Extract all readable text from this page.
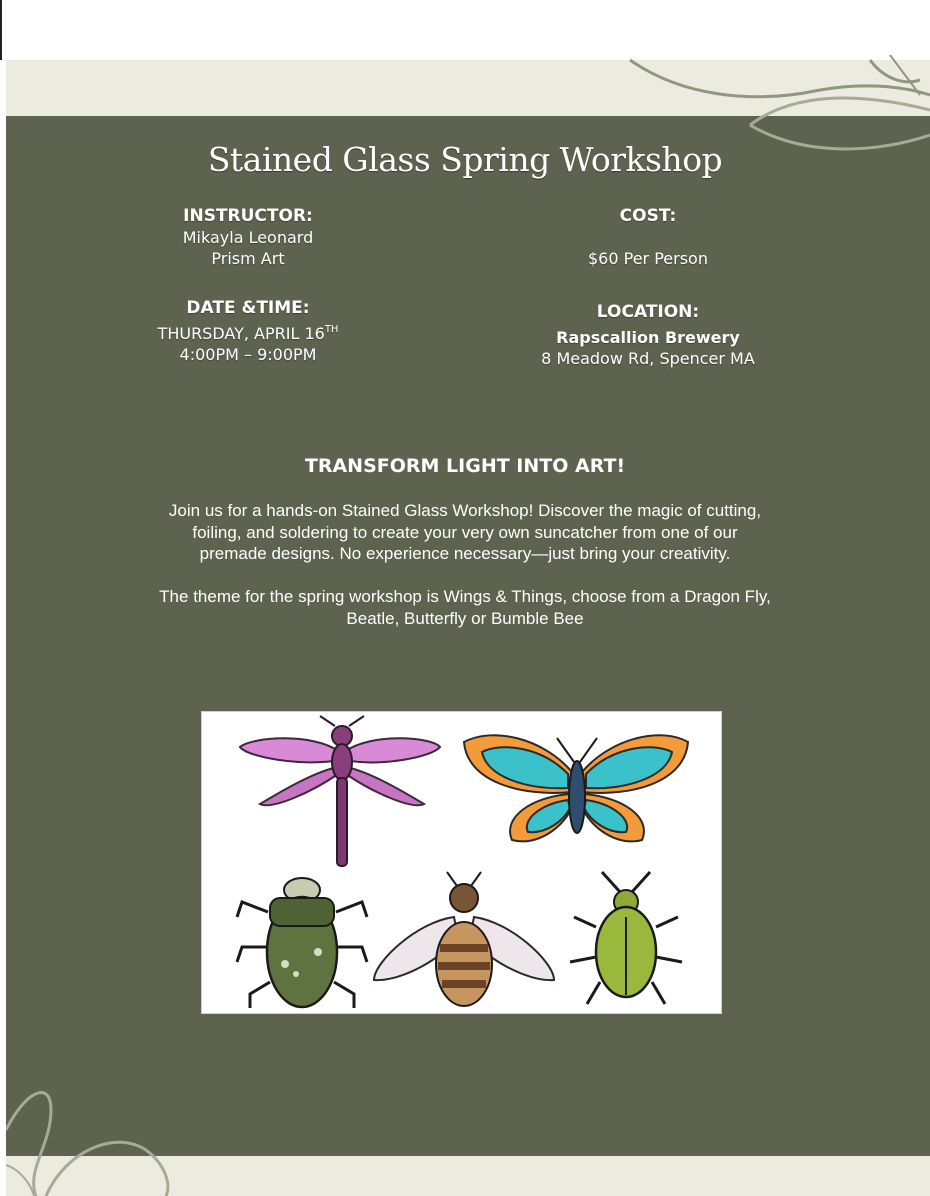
Stained Glass Spring Workshop
INSTRUCTOR:
Mikayla Leonard
Prism Art
COST:
$60 Per Person
DATE &TIME:
THURSDAY, APRIL 16TH
4:00PM – 9:00PM
LOCATION:
Rapscallion Brewery
8 Meadow Rd, Spencer MA
TRANSFORM LIGHT INTO ART!
Join us for a hands-on Stained Glass Workshop! Discover the magic of cutting,
foiling, and soldering to create your very own suncatcher from one of our
premade designs. No experience necessary—just bring your creativity.
The theme for the spring workshop is Wings & Things, choose from a Dragon Fly,
Beatle, Butterfly or Bumble Bee
